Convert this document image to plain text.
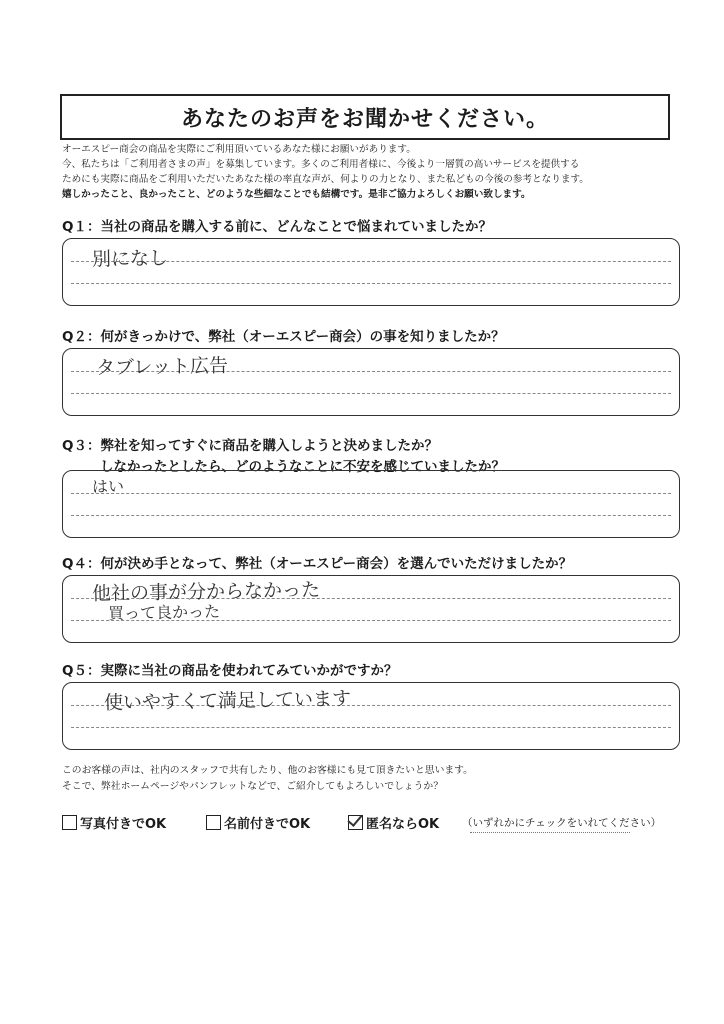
あなたのお声をお聞かせください。
オーエスピー商会の商品を実際にご利用頂いているあなた様にお願いがあります。
今、私たちは「ご利用者さまの声」を募集しています。多くのご利用者様に、今後より一層質の高いサービスを提供する
ためにも実際に商品をご利用いただいたあなた様の率直な声が、何よりの力となり、また私どもの今後の参考となります。
嬉しかったこと、良かったこと、どのような些細なことでも結構です。是非ご協力よろしくお願い致します。
Q１：当社の商品を購入する前に、どんなことで悩まれていましたか？
別になし
Q２：何がきっかけで、弊社（オーエスピー商会）の事を知りましたか？
タブレット広告
Q３：弊社を知ってすぐに商品を購入しようと決めましたか？
しなかったとしたら、どのようなことに不安を感じていましたか？
はい
Q４：何が決め手となって、弊社（オーエスピー商会）を選んでいただけましたか？
他社の事が分からなかった
買って良かった
Q５：実際に当社の商品を使われてみていかがですか？
使いやすくて満足しています
このお客様の声は、社内のスタッフで共有したり、他のお客様にも見て頂きたいと思います。
そこで、弊社ホームページやパンフレットなどで、ご紹介してもよろしいでしょうか？
写真付きでOK	名前付きでOK	匿名ならOK （いずれかにチェックをいれてください）
